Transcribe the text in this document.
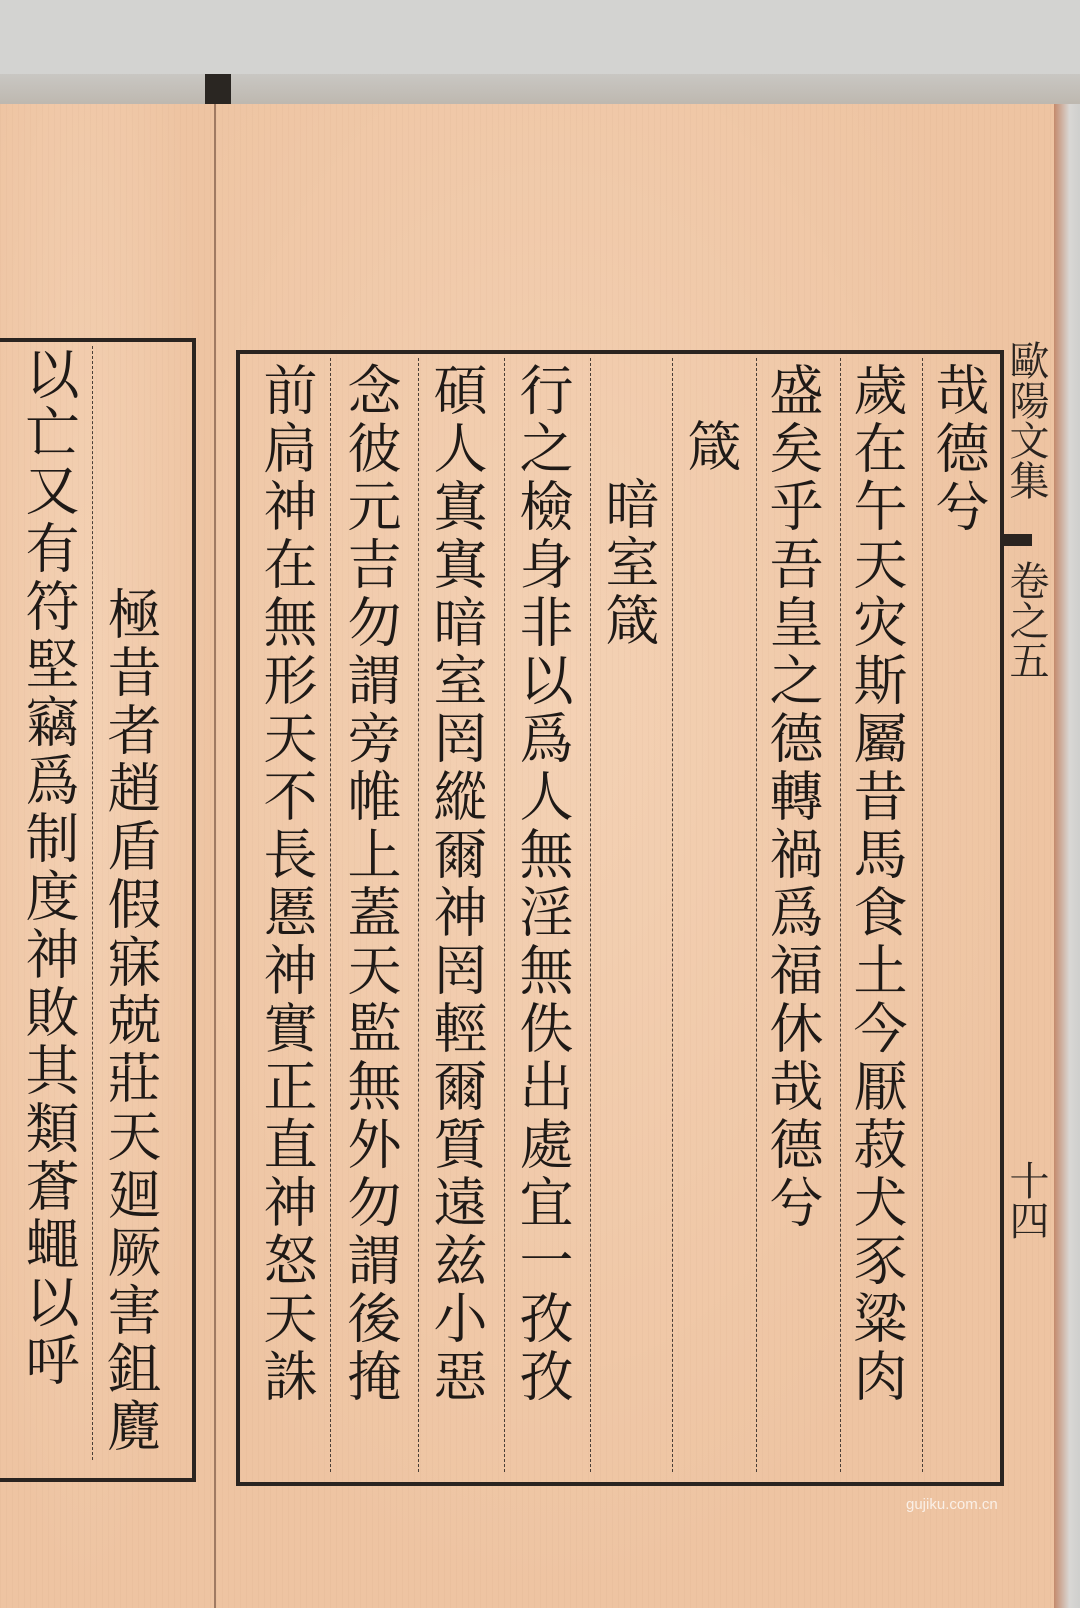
極昔者趙盾假寐兢莊天廻厥害鉏麑
以亡又有符堅竊爲制度神敗其類蒼蠅以呼	哉德兮
歲在午天灾斯屬昔馬食土今厭菽犬豕粱肉
盛矣乎吾皇之德轉禍爲福休哉德兮
箴
暗室箴
行之檢身非以爲人無淫無佚出處宜一孜孜
碩人寘寘暗室罔縱爾神罔輕爾質遠兹小惡
念彼元吉勿謂旁帷上蓋天監無外勿謂後掩
前扃神在無形天不長慝神實正直神怒天誅	歐陽文集
卷之五
十四
gujiku.com.cn
